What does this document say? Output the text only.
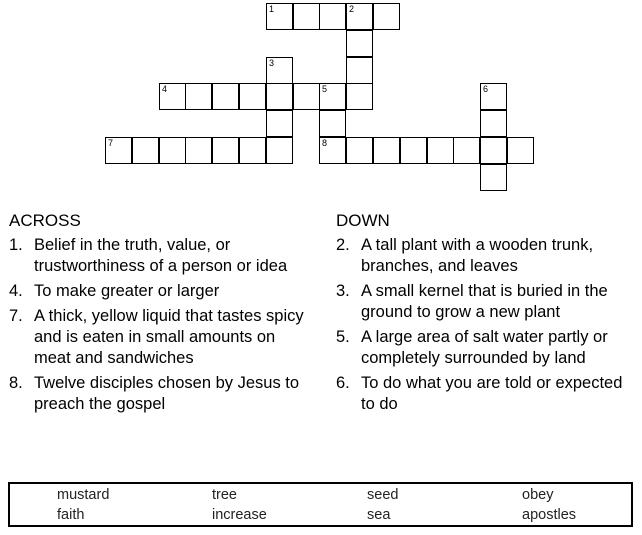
1	2
3
4	5	6
7	8
ACROSS
1. Belief in the truth, value, or trustworthiness of a person or idea
4. To make greater or larger
7. A thick, yellow liquid that tastes spicy and is eaten in small amounts on meat and sandwiches
8. Twelve disciples chosen by Jesus to preach the gospel
DOWN
2. A tall plant with a wooden trunk, branches, and leaves
3. A small kernel that is buried in the ground to grow a new plant
5. A large area of salt water partly or completely surrounded by land
6. To do what you are told or expected to do
mustard	tree	seed	obey
faith	increase	sea	apostles
